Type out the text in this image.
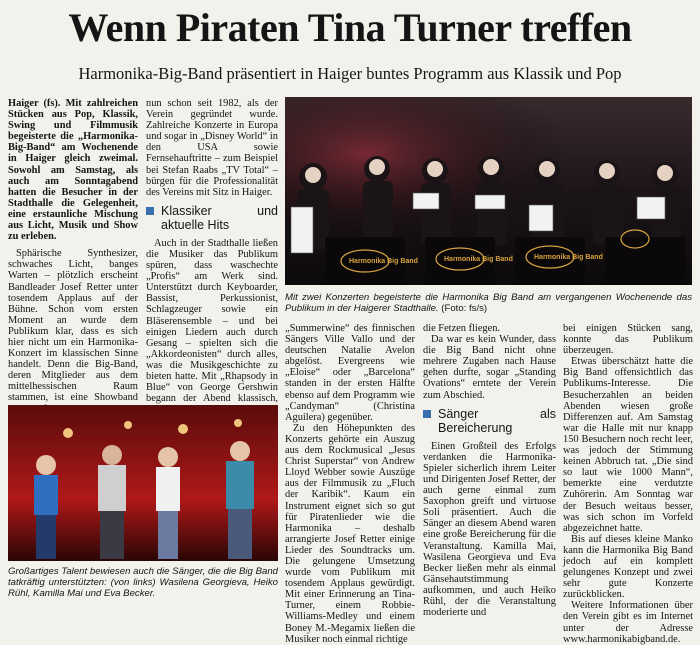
Wenn Piraten Tina Turner treffen
Harmonika-Big-Band präsentiert in Haiger buntes Programm aus Klassik und Pop

Haiger (fs). Mit zahlreichen Stücken aus Pop, Klassik, Swing und Filmmusik begeisterte die „Harmonika-Big-Band“ am Wochenende in Haiger gleich zweimal. Sowohl am Samstag, als auch am Sonntagabend hatten die Besucher in der Stadthalle die Gelegenheit, eine erstaunliche Mischung aus Licht, Musik und Show zu erleben.

Sphärische Synthesizer, schwaches Licht, banges Warten – plötzlich erscheint Bandleader Josef Retter unter tosendem Applaus auf der Bühne. Schon vom ersten Moment an wurde dem Publikum klar, dass es sich hier nicht um ein Harmonika-Konzert im klassischen Sinne handelt. Denn die Big-Band, deren Mitglieder aus dem mittelhessischen Raum stammen, ist eine Showband

nun schon seit 1982, als der Verein gegründet wurde. Zahlreiche Konzerte in Europa und sogar in „Disney World“ in den USA sowie Fernsehauftritte – zum Beispiel bei Stefan Raabs „TV Total“ – bürgen für die Professionalität des Vereins mit Sitz in Haiger.

Klassiker und aktuelle Hits

Auch in der Stadthalle ließen die Musiker das Publikum spüren, dass waschechte „Profis“ am Werk sind. Unterstützt durch Keyboarder, Bassist, Perkussionist, Schlagzeuger sowie ein Bläserensemble – und bei einigen Liedern auch durch Gesang – spielten sich die „Akkordeonisten“ durch alles, was die Musikgeschichte zu bieten hatte. Mit „Rhapsody in Blue“ von George Gershwin begann der Abend klassisch,

Harmonika Big Band	Harmonika Big Band	Harmonika Big Band
Mit zwei Konzerten begeisterte die Harmonika Big Band am vergangenen Wochenende das Publikum in der Haigerer Stadthalle. (Foto: fs/s)

„Summerwine“ des finnischen Sängers Ville Vallo und der deutschen Natalie Avelon abgelöst. Evergreens wie „Eloise“ oder „Barcelona“ standen in der ersten Hälfte ebenso auf dem Programm wie „Candyman“ (Christina Aguilera) gegenüber.

Zu den Höhepunkten des Konzerts gehörte ein Auszug aus dem Rockmusical „Jesus Christ Superstar“ von Andrew Lloyd Webber sowie Auszüge aus der Filmmusik zu „Fluch der Karibik“. Kaum ein Instrument eignet sich so gut für Piratenlieder wie die Harmonika – deshalb arrangierte Josef Retter einige Lieder des Soundtracks um. Die gelungene Umsetzung wurde vom Publikum mit tosendem Applaus gewürdigt. Mit einer Erinnerung an Tina-Turner, einem Robbie-Williams-Medley und einem Boney M.-Megamix ließen die Musiker noch einmal richtige

die Fetzen fliegen.

Da war es kein Wunder, dass die Big Band nicht ohne mehrere Zugaben nach Hause gehen durfte, sogar „Standing Ovations“ erntete der Verein zum Abschied.

Sänger als Bereicherung

Einen Großteil des Erfolgs verdanken die Harmonika-Spieler sicherlich ihrem Leiter und Dirigenten Josef Retter, der auch gerne einmal zum Saxophon greift und virtuose Soli präsentiert. Auch die Sänger an diesem Abend waren eine große Bereicherung für die Veranstaltung. Kamilla Mai, Wasilena Georgieva und Eva Becker ließen mehr als einmal Gänsehautstimmung aufkommen, und auch Heiko Rühl, der die Veranstaltung moderierte und

bei einigen Stücken sang, konnte das Publikum überzeugen.

Etwas überschätzt hatte die Big Band offensichtlich das Publikums-Interesse. Die Besucherzahlen an beiden Abenden wiesen große Differenzen auf. Am Samstag war die Halle mit nur knapp 150 Besuchern noch recht leer, was jedoch der Stimmung keinen Abbruch tat. „Die sind so laut wie 1000 Mann“, bemerkte eine verdutzte Zuhörerin. Am Sonntag war der Besuch weitaus besser, was sich schon im Vorfeld abgezeichnet hatte.

Bis auf dieses kleine Manko kann die Harmonika Big Band jedoch auf ein komplett gelungenes Konzept und zwei sehr gute Konzerte zurückblicken.

Weitere Informationen über den Verein gibt es im Internet unter der Adresse www.harmonikabigband.de.

Großartiges Talent bewiesen auch die Sänger, die die Big Band tatkräftig unterstützten: (von links) Wasilena Georgieva, Heiko Rühl, Kamilla Mai und Eva Becker.
